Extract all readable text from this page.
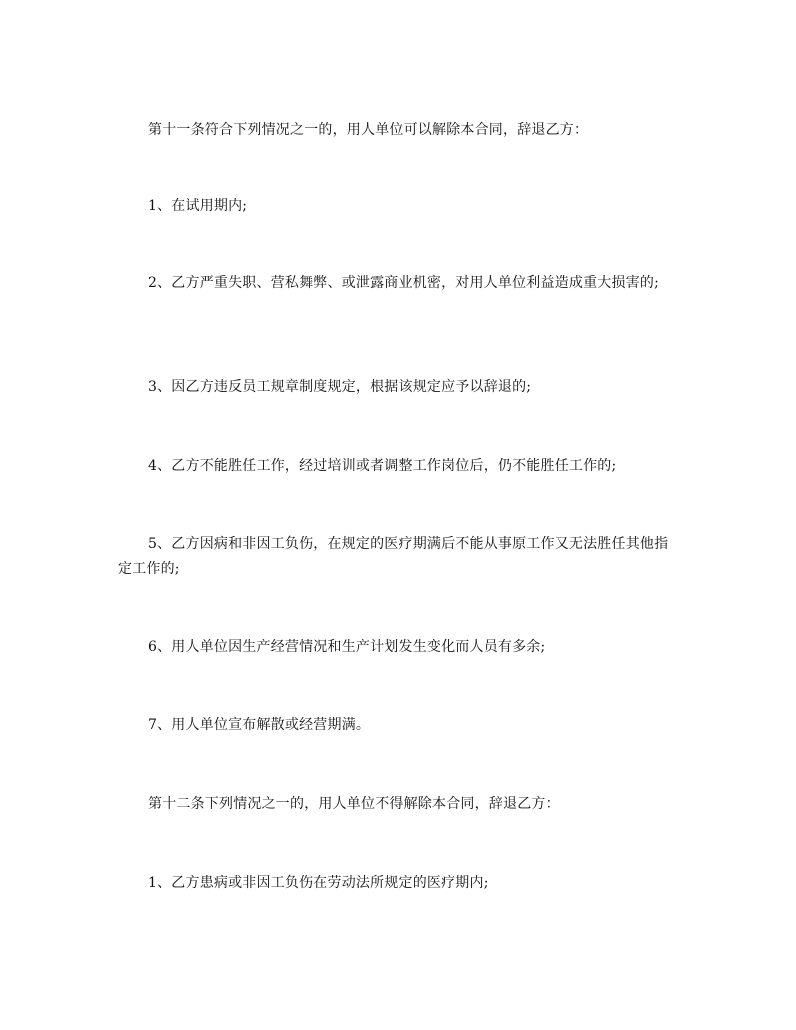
第十一条符合下列情况之一的，用人单位可以解除本合同，辞退乙方：

1、在试用期内;

2、乙方严重失职、营私舞弊、或泄露商业机密，对用人单位利益造成重大损害的;

3、因乙方违反员工规章制度规定，根据该规定应予以辞退的;

4、乙方不能胜任工作，经过培训或者调整工作岗位后，仍不能胜任工作的;

5、乙方因病和非因工负伤，在规定的医疗期满后不能从事原工作又无法胜任其他指定工作的;

6、用人单位因生产经营情况和生产计划发生变化而人员有多余;

7、用人单位宣布解散或经营期满。

第十二条下列情况之一的，用人单位不得解除本合同，辞退乙方：

1、乙方患病或非因工负伤在劳动法所规定的医疗期内;
